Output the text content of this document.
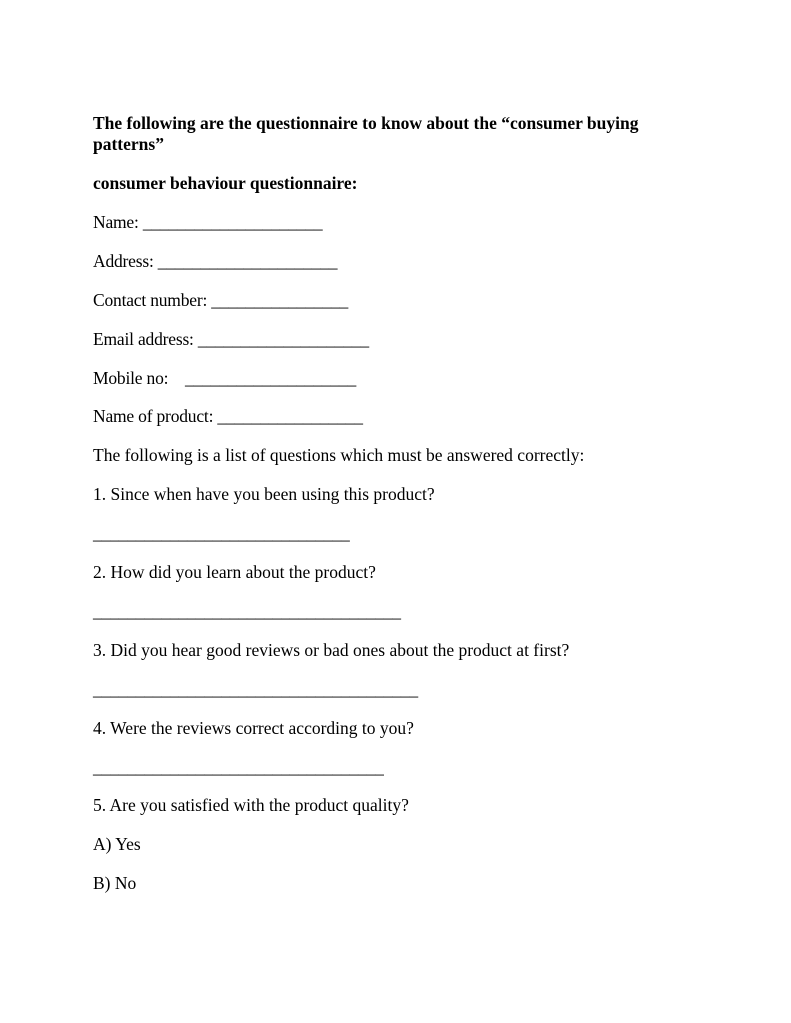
The following are the questionnaire to know about the “consumer buying patterns”
consumer behaviour questionnaire:
Name: _____________________
Address: _____________________
Contact number: ________________
Email address: ____________________
Mobile no:    ____________________
Name of product: _________________
The following is a list of questions which must be answered correctly:
1. Since when have you been using this product?
______________________________
2. How did you learn about the product?
____________________________________
3. Did you hear good reviews or bad ones about the product at first?
______________________________________
4. Were the reviews correct according to you?
__________________________________
5. Are you satisfied with the product quality?
A) Yes
B) No
